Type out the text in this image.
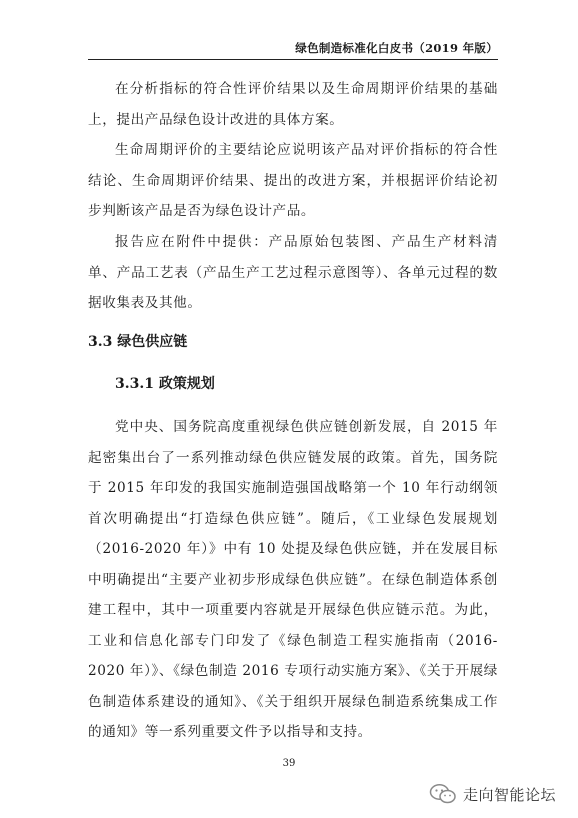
绿色制造标准化白皮书（2019 年版）

在分析指标的符合性评价结果以及生命周期评价结果的基础上，提出产品绿色设计改进的具体方案。

生命周期评价的主要结论应说明该产品对评价指标的符合性结论、生命周期评价结果、提出的改进方案，并根据评价结论初步判断该产品是否为绿色设计产品。

报告应在附件中提供：产品原始包装图、产品生产材料清单、产品工艺表（产品生产工艺过程示意图等）、各单元过程的数据收集表及其他。

3.3 绿色供应链
3.3.1 政策规划

党中央、国务院高度重视绿色供应链创新发展，自 2015 年起密集出台了一系列推动绿色供应链发展的政策。首先，国务院于 2015 年印发的我国实施制造强国战略第一个 10 年行动纲领首次明确提出“打造绿色供应链”。随后，《工业绿色发展规划（2016-2020 年）》中有 10 处提及绿色供应链，并在发展目标中明确提出“主要产业初步形成绿色供应链”。在绿色制造体系创建工程中，其中一项重要内容就是开展绿色供应链示范。为此，工业和信息化部专门印发了《绿色制造工程实施指南（2016-2020 年）》、《绿色制造 2016 专项行动实施方案》、《关于开展绿色制造体系建设的通知》、《关于组织开展绿色制造系统集成工作的通知》等一系列重要文件予以指导和支持。

39
走向智能论坛
